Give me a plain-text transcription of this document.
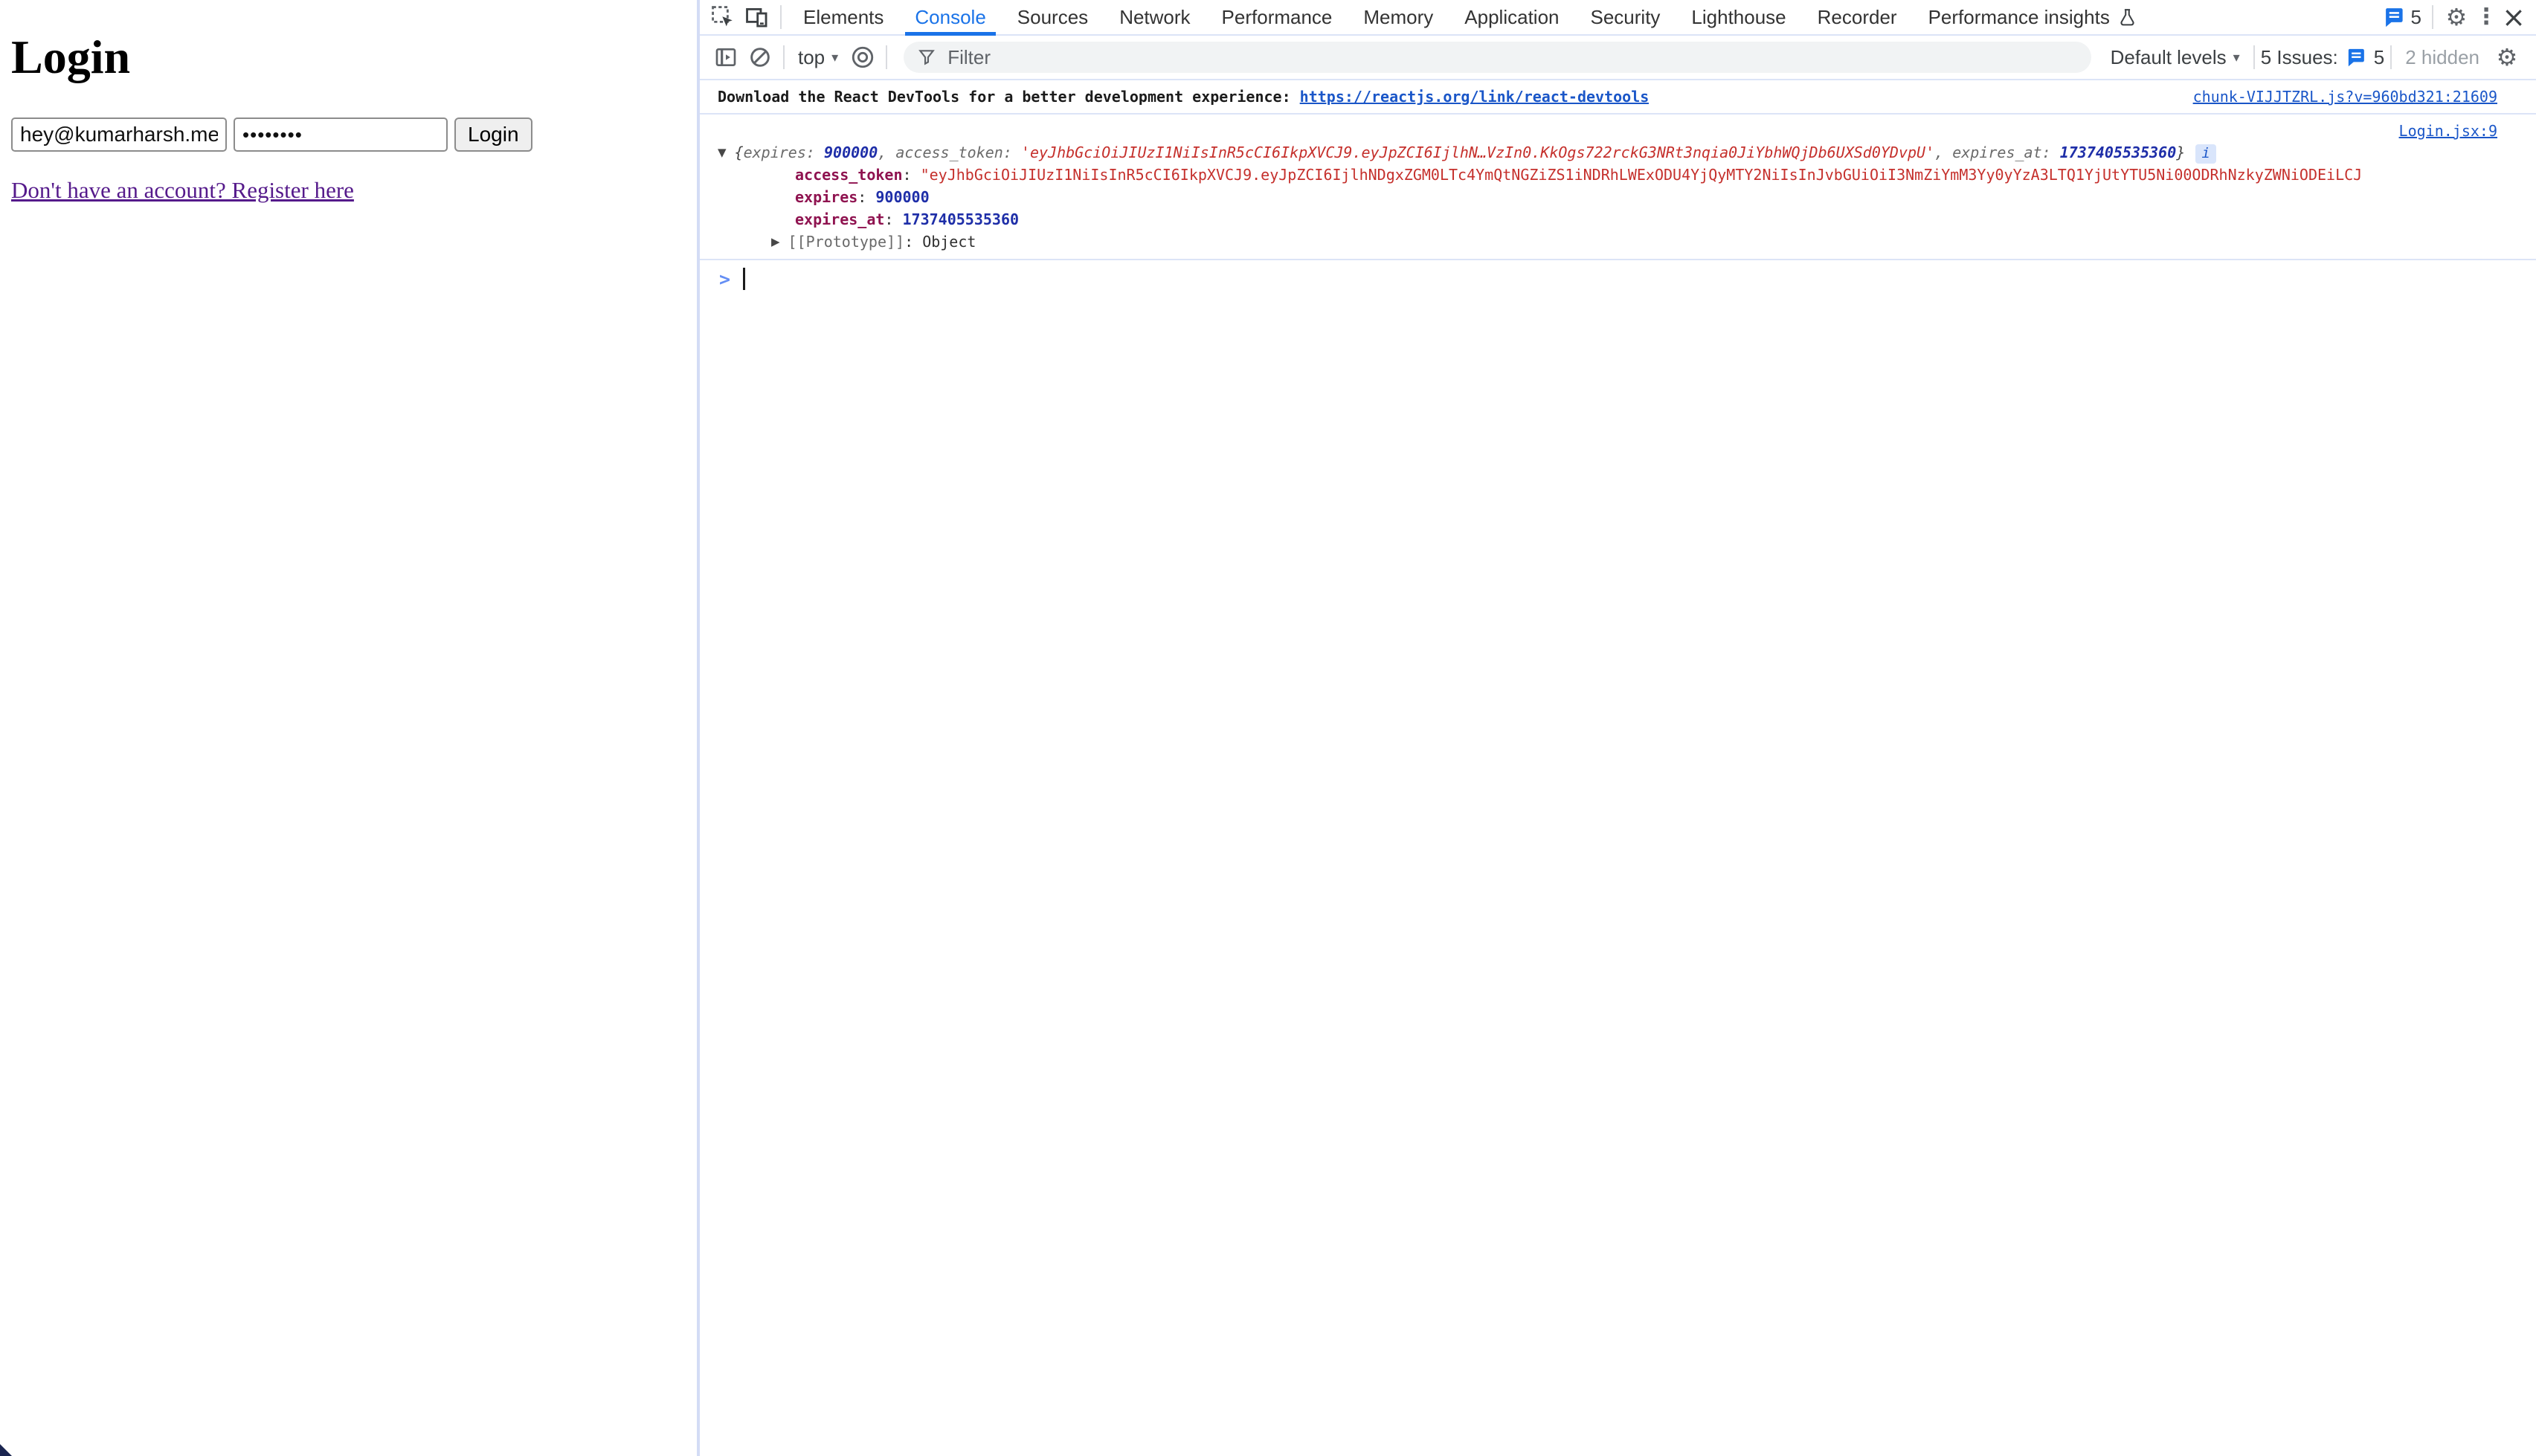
Login
hey@kumarharsh.me
••••••••
Login
Don't have an account? Register here
Elements Console Sources Network Performance Memory Application Security Lighthouse Recorder Performance insights	5 ⚙ ⋮ ×
top ▾
Filter	Default levels ▾ 5 Issues: 5 2 hidden ⚙
Download the React DevTools for a better development experience: https://reactjs.org/link/react-devtools	chunk-VIJJTZRL.js?v=960bd321:21609
Login.jsx:9
▼ {expires: 900000, access_token: 'eyJhbGciOiJIUzI1NiIsInR5cCI6IkpXVCJ9.eyJpZCI6IjlhN…VzIn0.KkOgs722rckG3NRt3nqia0JiYbhWQjDb6UXSd0YDvpU', expires_at: 1737405535360} i
access_token: "eyJhbGciOiJIUzI1NiIsInR5cCI6IkpXVCJ9.eyJpZCI6IjlhNDgxZGM0LTc4YmQtNGZiZS1iNDRhLWExODU4YjQyMTY2NiIsInJvbGUiOiI3NmZiYmM3Yy0yYzA3LTQ1YjUtYTU5Ni00ODRhNzkyZWNiODEiLCJ
expires: 900000
expires_at: 1737405535360
▶ [[Prototype]]: Object
>
